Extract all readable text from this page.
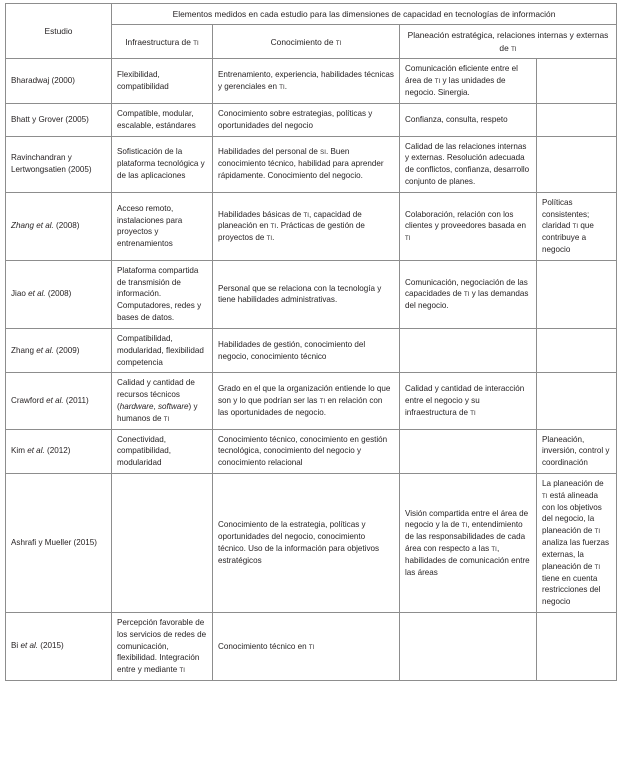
Estudio	Elementos medidos en cada estudio para las dimensiones de capacidad en tecnologías de información			
	Infraestructura de ti	Conocimiento de ti	Planeación estratégica, relaciones internas y externas de ti	
Bharadwaj (2000)	Flexibilidad, compatibilidad	Entrenamiento, experiencia, habilidades técnicas y gerenciales en ti.	Comunicación eficiente entre el área de ti y las unidades de negocio. Sinergia.	
Bhatt y Grover (2005)	Compatible, modular, escalable, estándares	Conocimiento sobre estrategias, políticas y oportunidades del negocio	Confianza, consulta, respeto	
Ravinchandran y Lertwongsatien (2005)	Sofisticación de la plataforma tecnológica y de las aplicaciones	Habilidades del personal de si. Buen conocimiento técnico, habilidad para aprender rápidamente. Conocimiento del negocio.	Calidad de las relaciones internas y externas. Resolución adecuada de conflictos, confianza, desarrollo conjunto de planes.	
Zhang et al. (2008)	Acceso remoto, instalaciones para proyectos y entrenamientos	Habilidades básicas de ti, capacidad de planeación en ti. Prácticas de gestión de proyectos de ti.	Colaboración, relación con los clientes y proveedores basada en ti	Políticas consistentes; claridad ti que contribuye a negocio
Jiao et al. (2008)	Plataforma compartida de transmisión de información. Computadores, redes y bases de datos.	Personal que se relaciona con la tecnología y tiene habilidades administrativas.	Comunicación, negociación de las capacidades de ti y las demandas del negocio.	
Zhang et al. (2009)	Compatibilidad, modularidad, flexibilidad competencia	Habilidades de gestión, conocimiento del negocio, conocimiento técnico		
Crawford et al. (2011)	Calidad y cantidad de recursos técnicos (hardware, software) y humanos de ti	Grado en el que la organización entiende lo que son y lo que podrían ser las ti en relación con las oportunidades de negocio.	Calidad y cantidad de interacción entre el negocio y su infraestructura de ti	
Kim et al. (2012)	Conectividad, compatibilidad, modularidad	Conocimiento técnico, conocimiento en gestión tecnológica, conocimiento del negocio y conocimiento relacional		Planeación, inversión, control y coordinación
Ashrafi y Mueller (2015)		Conocimiento de la estrategia, políticas y oportunidades del negocio, conocimiento técnico. Uso de la información para objetivos estratégicos	Visión compartida entre el área de negocio y la de ti, entendimiento de las responsabilidades de cada área con respecto a las ti, habilidades de comunicación entre las áreas	La planeación de ti está alineada con los objetivos del negocio, la planeación de ti analiza las fuerzas externas, la planeación de ti tiene en cuenta restricciones del negocio
Bi et al. (2015)	Percepción favorable de los servicios de redes de comunicación, flexibilidad. Integración entre y mediante ti	Conocimiento técnico en ti		
